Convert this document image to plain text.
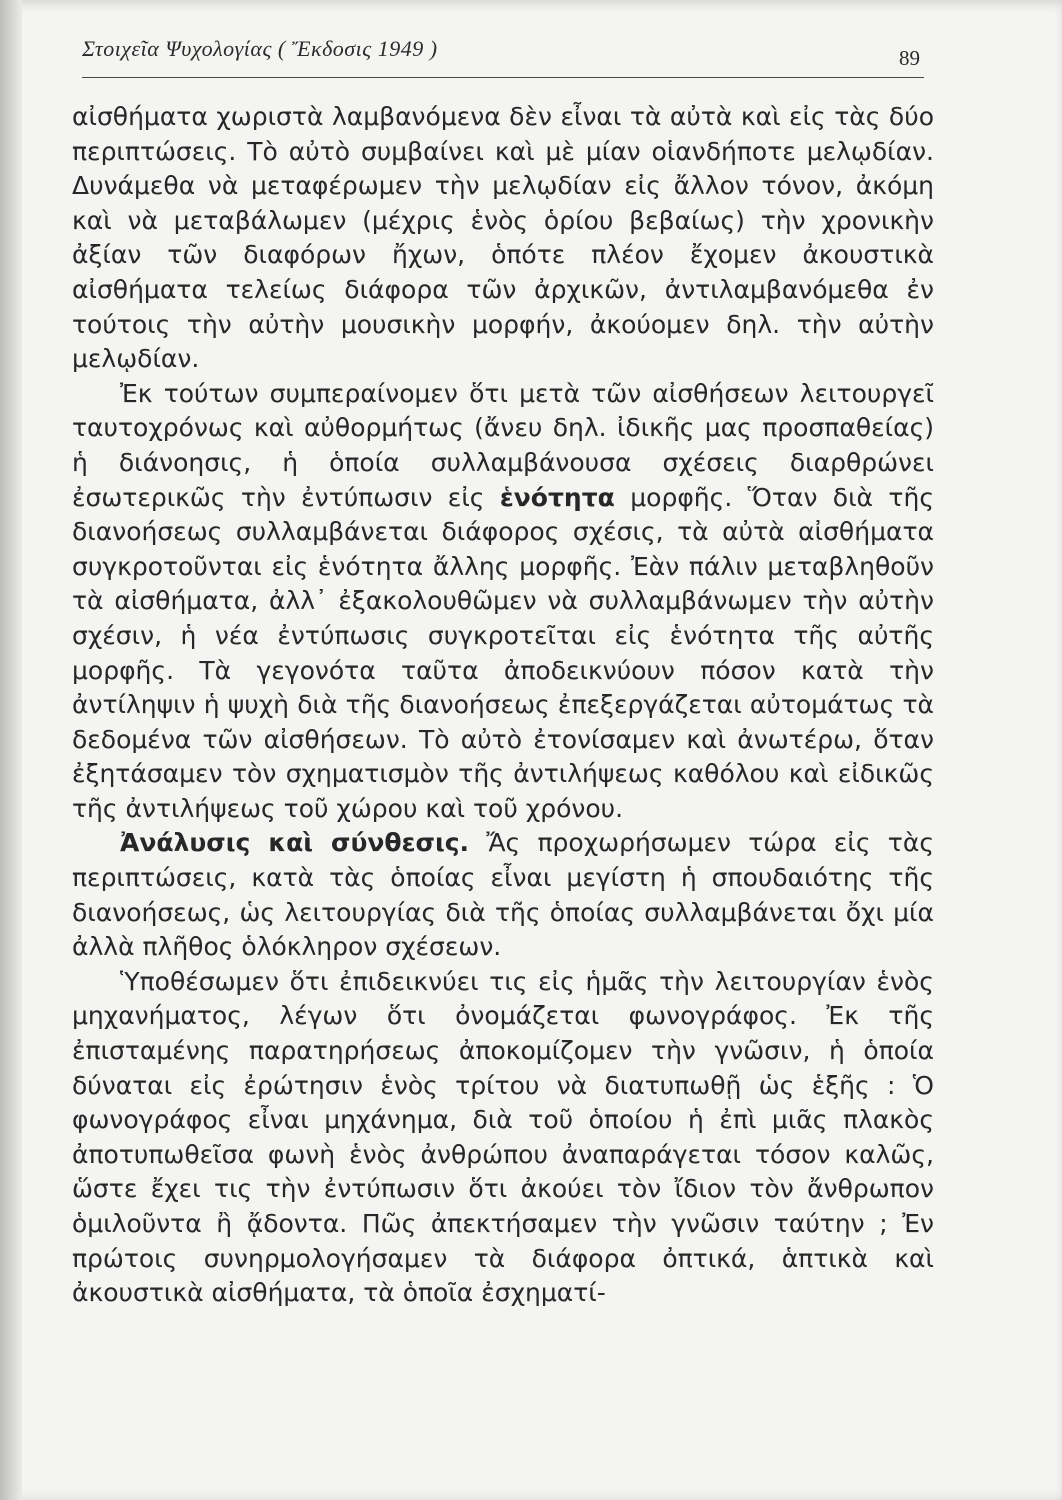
Στοιχεῖα Ψυχολογίας ( Ἔκδοσις 1949 )	89

αἰσθήματα χωριστὰ λαμβανόμενα δὲν εἶναι τὰ αὐτὰ καὶ εἰς τὰς δύο περιπτώσεις. Τὸ αὐτὸ συμβαίνει καὶ μὲ μίαν οἱανδήποτε μελῳδίαν. Δυνάμεθα νὰ μεταφέρωμεν τὴν μελῳδίαν εἰς ἄλλον τόνον, ἀκόμη καὶ νὰ μεταβάλωμεν (μέχρις ἑνὸς ὁρίου βεβαίως) τὴν χρονικὴν ἀξίαν τῶν διαφόρων ἤχων, ὁπότε πλέον ἔχομεν ἀκουστικὰ αἰσθήματα τελείως διάφορα τῶν ἀρχικῶν, ἀντιλαμβανόμεθα ἐν τούτοις τὴν αὐτὴν μουσικὴν μορφήν, ἀκούομεν δηλ. τὴν αὐτὴν μελῳδίαν.

Ἐκ τούτων συμπεραίνομεν ὅτι μετὰ τῶν αἰσθήσεων λειτουργεῖ ταυτοχρόνως καὶ αὐθορμήτως (ἄνευ δηλ. ἰδικῆς μας προσπαθείας) ἡ διάνοησις, ἡ ὁποία συλλαμβάνουσα σχέσεις διαρθρώνει ἐσωτερικῶς τὴν ἐντύπωσιν εἰς ἑνότητα μορφῆς. Ὅταν διὰ τῆς διανοήσεως συλλαμβάνεται διάφορος σχέσις, τὰ αὐτὰ αἰσθήματα συγκροτοῦνται εἰς ἑνότητα ἄλλης μορφῆς. Ἐὰν πάλιν μεταβληθοῦν τὰ αἰσθήματα, ἀλλ᾽ ἐξακολουθῶμεν νὰ συλλαμβάνωμεν τὴν αὐτὴν σχέσιν, ἡ νέα ἐντύπωσις συγκροτεῖται εἰς ἑνότητα τῆς αὐτῆς μορφῆς. Τὰ γεγονότα ταῦτα ἀποδεικνύουν πόσον κατὰ τὴν ἀντίληψιν ἡ ψυχὴ διὰ τῆς διανοήσεως ἐπεξεργάζεται αὐτομάτως τὰ δεδομένα τῶν αἰσθήσεων. Τὸ αὐτὸ ἐτονίσαμεν καὶ ἀνωτέρω, ὅταν ἐξητάσαμεν τὸν σχηματισμὸν τῆς ἀντιλήψεως καθόλου καὶ εἰδικῶς τῆς ἀντιλήψεως τοῦ χώρου καὶ τοῦ χρόνου.

Ἀνάλυσις καὶ σύνθεσις. Ἄς προχωρήσωμεν τώρα εἰς τὰς περιπτώσεις, κατὰ τὰς ὁποίας εἶναι μεγίστη ἡ σπουδαιότης τῆς διανοήσεως, ὡς λειτουργίας διὰ τῆς ὁποίας συλλαμβάνεται ὄχι μία ἀλλὰ πλῆθος ὁλόκληρον σχέσεων.

Ὑποθέσωμεν ὅτι ἐπιδεικνύει τις εἰς ἡμᾶς τὴν λειτουργίαν ἑνὸς μηχανήματος, λέγων ὅτι ὀνομάζεται φωνογράφος. Ἐκ τῆς ἐπισταμένης παρατηρήσεως ἀποκομίζομεν τὴν γνῶσιν, ἡ ὁποία δύναται εἰς ἐρώτησιν ἑνὸς τρίτου νὰ διατυπωθῇ ὡς ἑξῆς : Ὁ φωνογράφος εἶναι μηχάνημα, διὰ τοῦ ὁποίου ἡ ἐπὶ μιᾶς πλακὸς ἀποτυπωθεῖσα φωνὴ ἑνὸς ἀνθρώπου ἀναπαράγεται τόσον καλῶς, ὥστε ἔχει τις τὴν ἐντύπωσιν ὅτι ἀκούει τὸν ἴδιον τὸν ἄνθρωπον ὁμιλοῦντα ἢ ᾄδοντα. Πῶς ἀπεκτήσαμεν τὴν γνῶσιν ταύτην ; Ἐν πρώτοις συνηρμολογήσαμεν τὰ διάφορα ὀπτικά, ἁπτικὰ καὶ ἀκουστικὰ αἰσθήματα, τὰ ὁποῖα ἐσχηματί-
